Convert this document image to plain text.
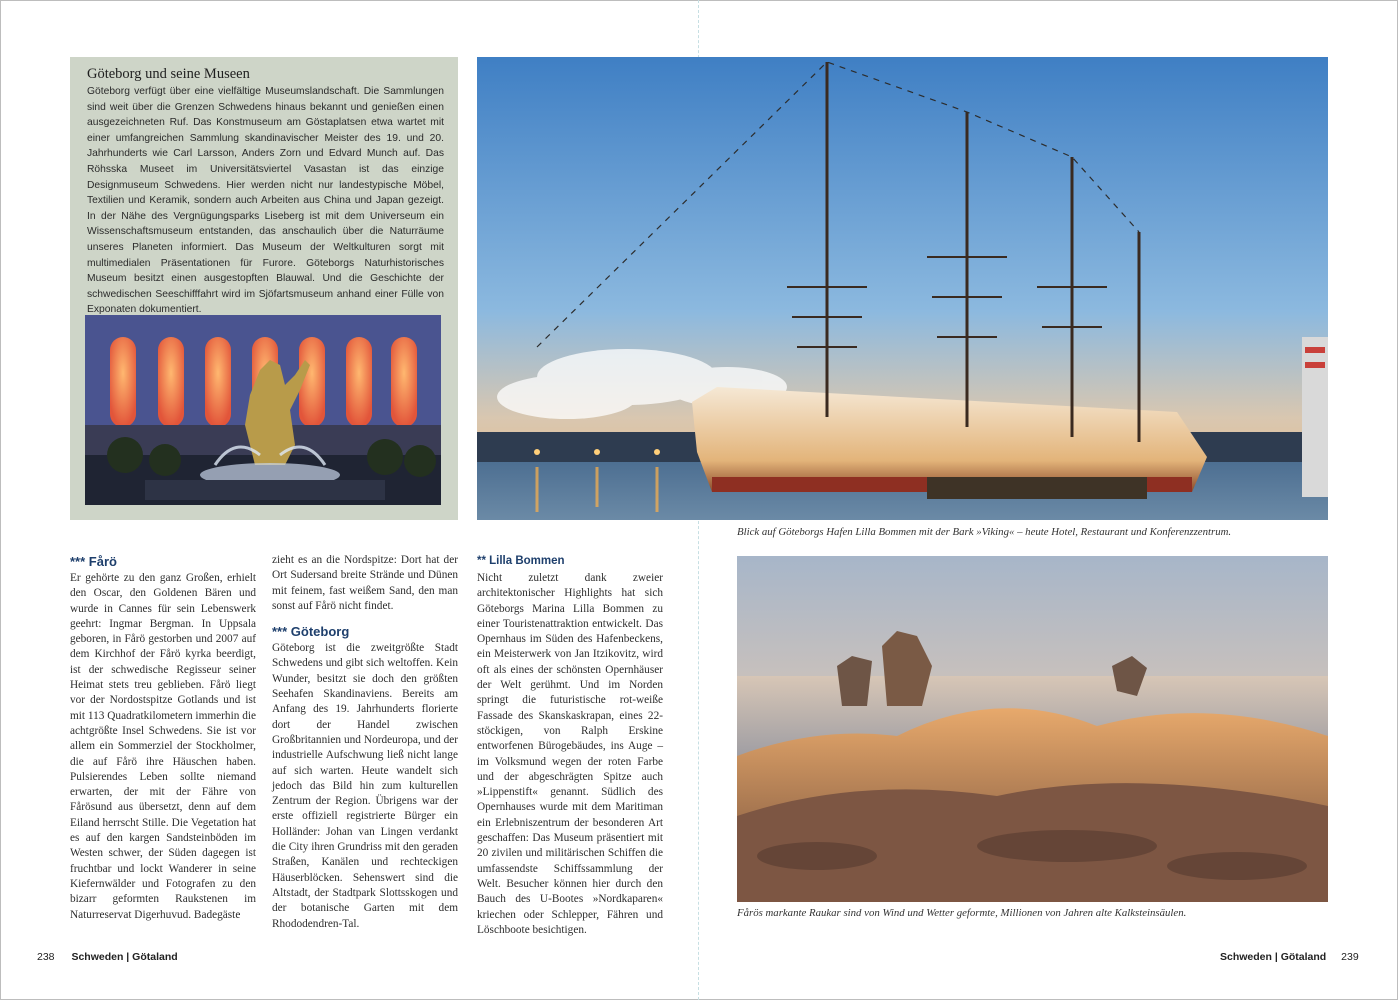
Göteborg und seine Museen
Göteborg verfügt über eine vielfältige Museumslandschaft. Die Sammlungen sind weit über die Grenzen Schwedens hinaus bekannt und genießen einen ausgezeichneten Ruf. Das Konstmuseum am Göstaplatsen etwa wartet mit einer umfangreichen Sammlung skandinavischer Meister des 19. und 20. Jahrhunderts wie Carl Larsson, Anders Zorn und Edvard Munch auf. Das Röhsska Museet im Universitätsviertel Vasastan ist das einzige Designmuseum Schwedens. Hier werden nicht nur landestypische Möbel, Textilien und Keramik, sondern auch Arbeiten aus China und Japan gezeigt. In der Nähe des Vergnügungsparks Liseberg ist mit dem Universeum ein Wissenschaftsmuseum entstanden, das anschaulich über die Naturräume unseres Planeten informiert. Das Museum der Weltkulturen sorgt mit multimedialen Präsentationen für Furore. Göteborgs Naturhistorisches Museum besitzt einen ausgestopften Blauwal. Und die Geschichte der schwedischen Seeschifffahrt wird im Sjöfartsmuseum anhand einer Fülle von Exponaten dokumentiert.
Blick auf Göteborgs Hafen Lilla Bommen mit der Bark »Viking« – heute Hotel, Restaurant und Konferenzzentrum.
Fårös markante Raukar sind von Wind und Wetter geformte, Millionen von Jahren alte Kalksteinsäulen.
*** Fårö

Er gehörte zu den ganz Großen, erhielt den Oscar, den Goldenen Bären und wurde in Cannes für sein Lebenswerk geehrt: Ingmar Bergman. In Uppsala geboren, in Fårö gestorben und 2007 auf dem Kirchhof der Fårö kyrka beerdigt, ist der schwedische Regisseur seiner Heimat stets treu geblieben. Fårö liegt vor der Nordostspitze Gotlands und ist mit 113 Quadratkilometern immerhin die achtgrößte Insel Schwedens. Sie ist vor allem ein Sommerziel der Stockholmer, die auf Fårö ihre Häuschen haben. Pulsierendes Leben sollte niemand erwarten, der mit der Fähre von Fårösund aus übersetzt, denn auf dem Eiland herrscht Stille. Die Vegetation hat es auf den kargen Sandsteinböden im Westen schwer, der Süden dagegen ist fruchtbar und lockt Wanderer in seine Kiefernwälder und Fotografen zu den bizarr geformten Raukstenen im Naturreservat Digerhuvud. Badegäste

zieht es an die Nordspitze: Dort hat der Ort Sudersand breite Strände und Dünen mit feinem, fast weißem Sand, den man sonst auf Fårö nicht findet.

*** Göteborg

Göteborg ist die zweitgrößte Stadt Schwedens und gibt sich weltoffen. Kein Wunder, besitzt sie doch den größten Seehafen Skandinaviens. Bereits am Anfang des 19. Jahrhunderts florierte dort der Handel zwischen Großbritannien und Nordeuropa, und der industrielle Aufschwung ließ nicht lange auf sich warten. Heute wandelt sich jedoch das Bild hin zum kulturellen Zentrum der Region. Übrigens war der erste offiziell registrierte Bürger ein Holländer: Johan van Lingen verdankt die City ihren Grundriss mit den geraden Straßen, Kanälen und rechteckigen Häuserblöcken. Sehenswert sind die Altstadt, der Stadtpark Slottsskogen und der botanische Garten mit dem Rhododendren-Tal.

** Lilla Bommen

Nicht zuletzt dank zweier architektonischer Highlights hat sich Göteborgs Marina Lilla Bommen zu einer Touristenattraktion entwickelt. Das Opernhaus im Süden des Hafenbeckens, ein Meisterwerk von Jan Itzikovitz, wird oft als eines der schönsten Opernhäuser der Welt gerühmt. Und im Norden springt die futuristische rot-weiße Fassade des Skanskaskrapan, eines 22-stöckigen, von Ralph Erskine entworfenen Bürogebäudes, ins Auge – im Volksmund wegen der roten Farbe und der abgeschrägten Spitze auch »Lippenstift« genannt. Südlich des Opernhauses wurde mit dem Maritiman ein Erlebniszentrum der besonderen Art geschaffen: Das Museum präsentiert mit 20 zivilen und militärischen Schiffen die umfassendste Schiffssammlung der Welt. Besucher können hier durch den Bauch des U-Bootes »Nordkaparen« kriechen oder Schlepper, Fähren und Löschboote besichtigen.

238 Schweden | Götaland	Schweden | Götaland 239
